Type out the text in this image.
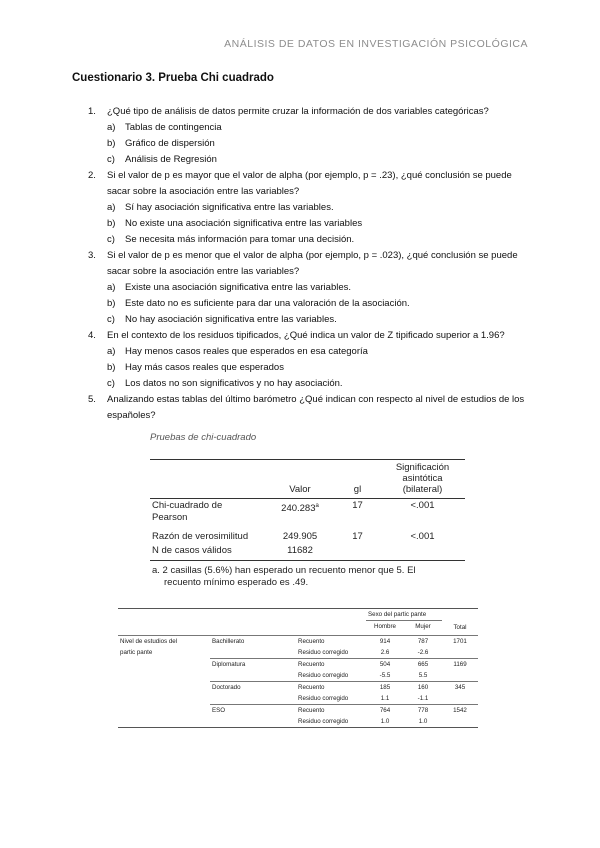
ANÁLISIS DE DATOS EN INVESTIGACIÓN PSICOLÓGICA
Cuestionario 3. Prueba Chi cuadrado
1. ¿Qué tipo de análisis de datos permite cruzar la información de dos variables categóricas?
a) Tablas de contingencia
b) Gráfico de dispersión
c) Análisis de Regresión
2. Si el valor de p es mayor que el valor de alpha (por ejemplo, p = .23), ¿qué conclusión se puede sacar sobre la asociación entre las variables?
a) Sí hay asociación significativa entre las variables.
b) No existe una asociación significativa entre las variables
c) Se necesita más información para tomar una decisión.
3. Si el valor de p es menor que el valor de alpha (por ejemplo, p = .023), ¿qué conclusión se puede sacar sobre la asociación entre las variables?
a) Existe una asociación significativa entre las variables.
b) Este dato no es suficiente para dar una valoración de la asociación.
c) No hay asociación significativa entre las variables.
4. En el contexto de los residuos tipificados, ¿Qué indica un valor de Z tipificado superior a 1.96?
a) Hay menos casos reales que esperados en esa categoría
b) Hay más casos reales que esperados
c) Los datos no son significativos y no hay asociación.
5. Analizando estas tablas del último barómetro ¿Qué indican con respecto al nivel de estudios de los españoles?
Pruebas de chi-cuadrado
	Valor	gl	Significación
asintótica
(bilateral)

Chi-cuadrado de
Pearson	240.283$^a$	17	<.001
Razón de verosimilitud	249.905	17	<.001
N de casos válidos	11682		
a. 2 casillas (5.6%) han esperado un recuento menor que 5. El
recuento mínimo esperado es .49.
			Sexo del partic pante		
			Hombre	Mujer	Total
Nivel de estudios del	Bachillerato	Recuento	914	787	1701
partic pante		Residuo corregido	2.6	-2.6	
	Diplomatura	Recuento	504	665	1169
		Residuo corregido	-5.5	5.5	
	Doctorado	Recuento	185	160	345
		Residuo corregido	1.1	-1.1	
	ESO	Recuento	764	778	1542
		Residuo corregido	1.0	1.0	
